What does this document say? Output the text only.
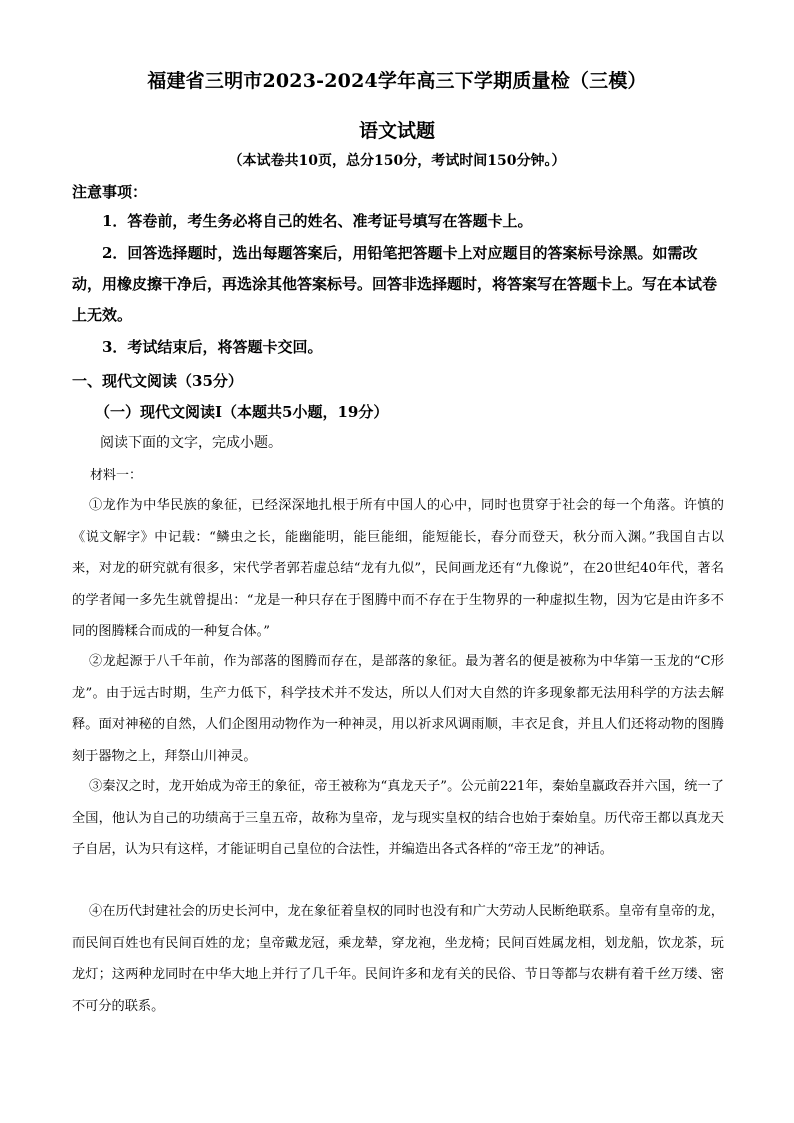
福建省三明市2023-2024学年高三下学期质量检（三模）
语文试题
（本试卷共10页，总分150分，考试时间150分钟。）
注意事项：

1．答卷前，考生务必将自己的姓名、准考证号填写在答题卡上。

2．回答选择题时，选出每题答案后，用铅笔把答题卡上对应题目的答案标号涂黑。如需改动，用橡皮擦干净后，再选涂其他答案标号。回答非选择题时，将答案写在答题卡上。写在本试卷上无效。

3．考试结束后，将答题卡交回。

一、现代文阅读（35分）
（一）现代文阅读Ⅰ（本题共5小题，19分）
阅读下面的文字，完成小题。
材料一：

①龙作为中华民族的象征，已经深深地扎根于所有中国人的心中，同时也贯穿于社会的每一个角落。许慎的《说文解字》中记载：“鳞虫之长，能幽能明，能巨能细，能短能长，春分而登天，秋分而入渊。”我国自古以来，对龙的研究就有很多，宋代学者郭若虚总结“龙有九似”，民间画龙还有“九像说”，在20世纪40年代，著名的学者闻一多先生就曾提出：“龙是一种只存在于图腾中而不存在于生物界的一种虚拟生物，因为它是由许多不同的图腾糅合而成的一种复合体。”

②龙起源于八千年前，作为部落的图腾而存在，是部落的象征。最为著名的便是被称为中华第一玉龙的“C形龙”。由于远古时期，生产力低下，科学技术并不发达，所以人们对大自然的许多现象都无法用科学的方法去解释。面对神秘的自然，人们企图用动物作为一种神灵，用以祈求风调雨顺，丰衣足食，并且人们还将动物的图腾刻于器物之上，拜祭山川神灵。

③秦汉之时，龙开始成为帝王的象征，帝王被称为“真龙天子”。公元前221年，秦始皇嬴政吞并六国，统一了全国，他认为自己的功绩高于三皇五帝，故称为皇帝，龙与现实皇权的结合也始于秦始皇。历代帝王都以真龙天子自居，认为只有这样，才能证明自己皇位的合法性，并编造出各式各样的“帝王龙”的神话。

④在历代封建社会的历史长河中，龙在象征着皇权的同时也没有和广大劳动人民断绝联系。皇帝有皇帝的龙，而民间百姓也有民间百姓的龙；皇帝戴龙冠，乘龙辇，穿龙袍，坐龙椅；民间百姓属龙相，划龙船，饮龙茶，玩龙灯；这两种龙同时在中华大地上并行了几千年。民间许多和龙有关的民俗、节日等都与农耕有着千丝万缕、密不可分的联系。
